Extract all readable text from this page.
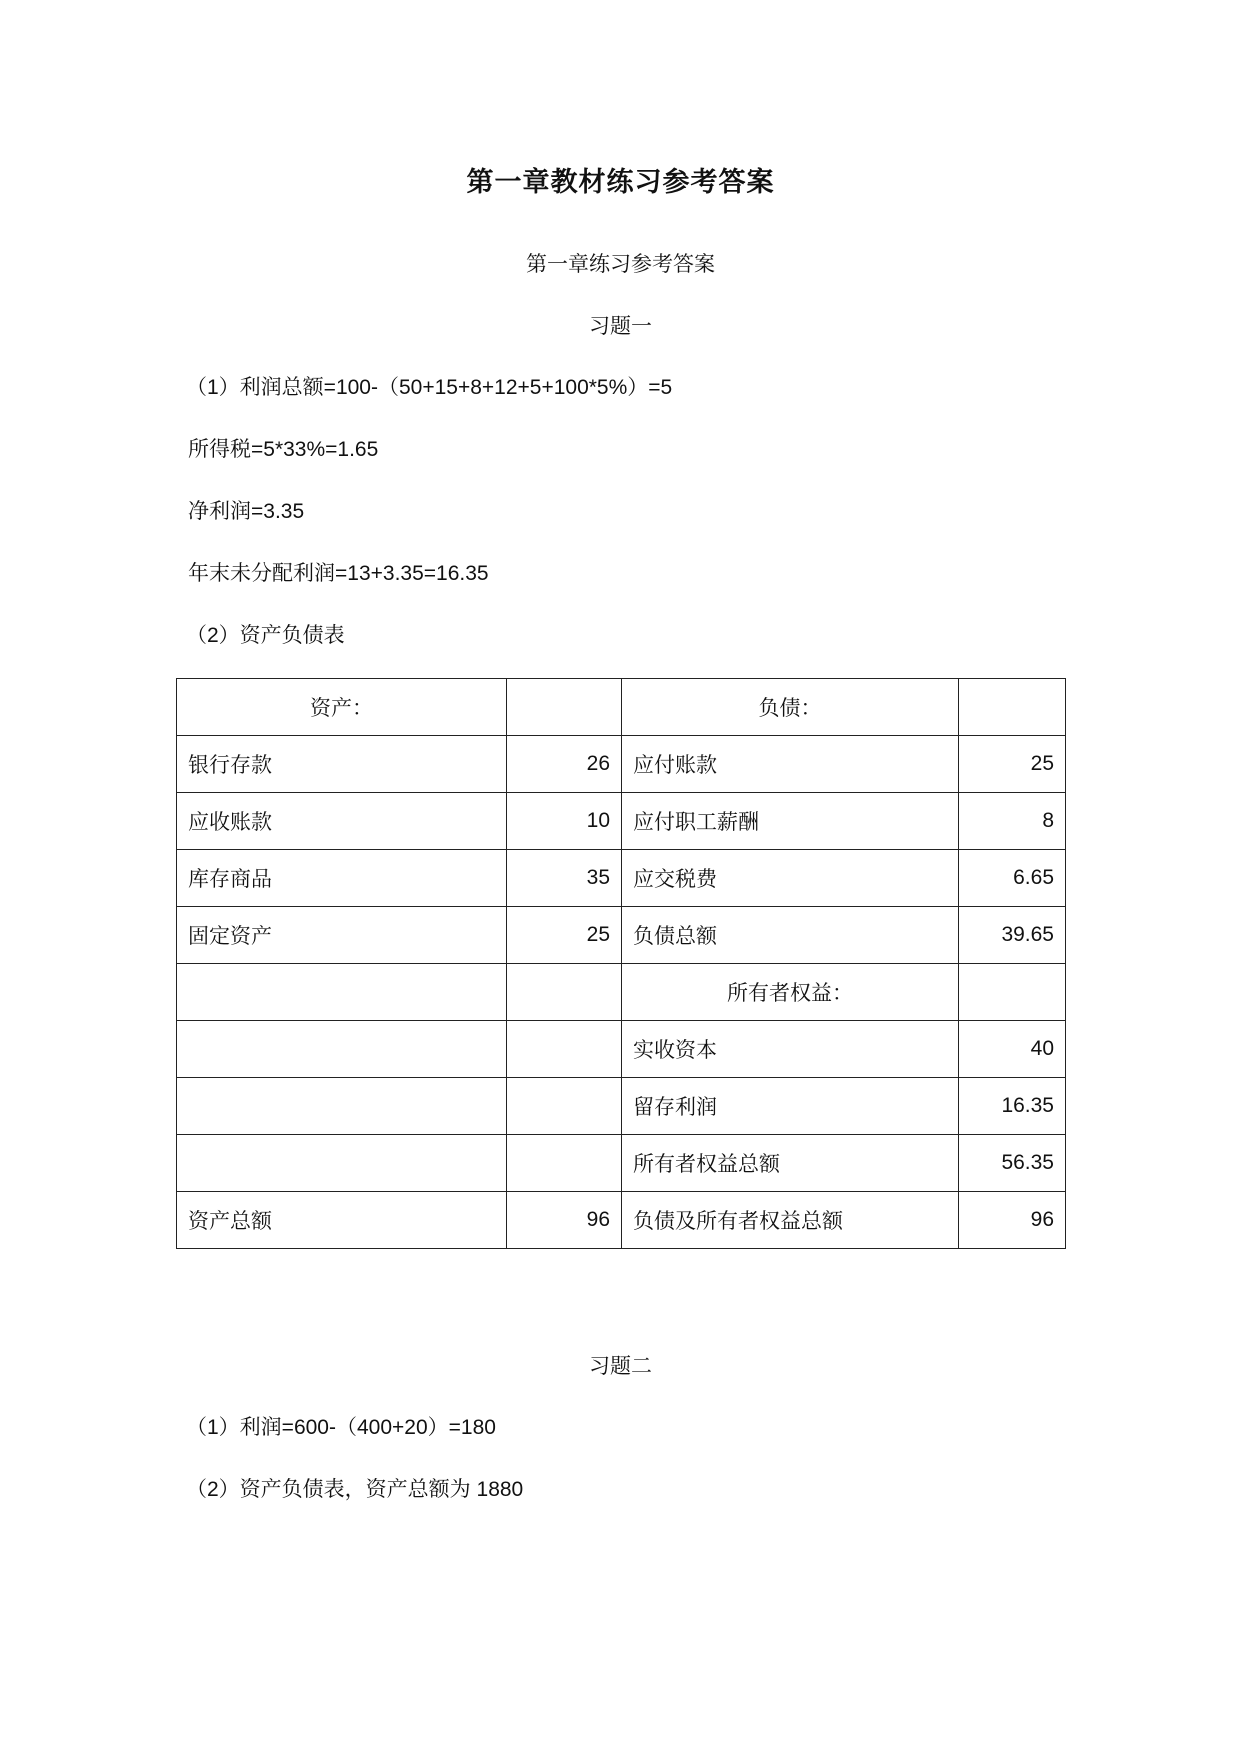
第一章教材练习参考答案
第一章练习参考答案
习题一
（1）利润总额=100-（50+15+8+12+5+100*5%）=5
所得税=5*33%=1.65
净利润=3.35
年末未分配利润=13+3.35=16.35
（2）资产负债表
资产：		负债：	
银行存款	26	应付账款	25
应收账款	10	应付职工薪酬	8
库存商品	35	应交税费	6.65
固定资产	25	负债总额	39.65
		所有者权益：	
		实收资本	40
		留存利润	16.35
		所有者权益总额	56.35
资产总额	96	负债及所有者权益总额	96
习题二
（1）利润=600-（400+20）=180
（2）资产负债表，资产总额为 1880
